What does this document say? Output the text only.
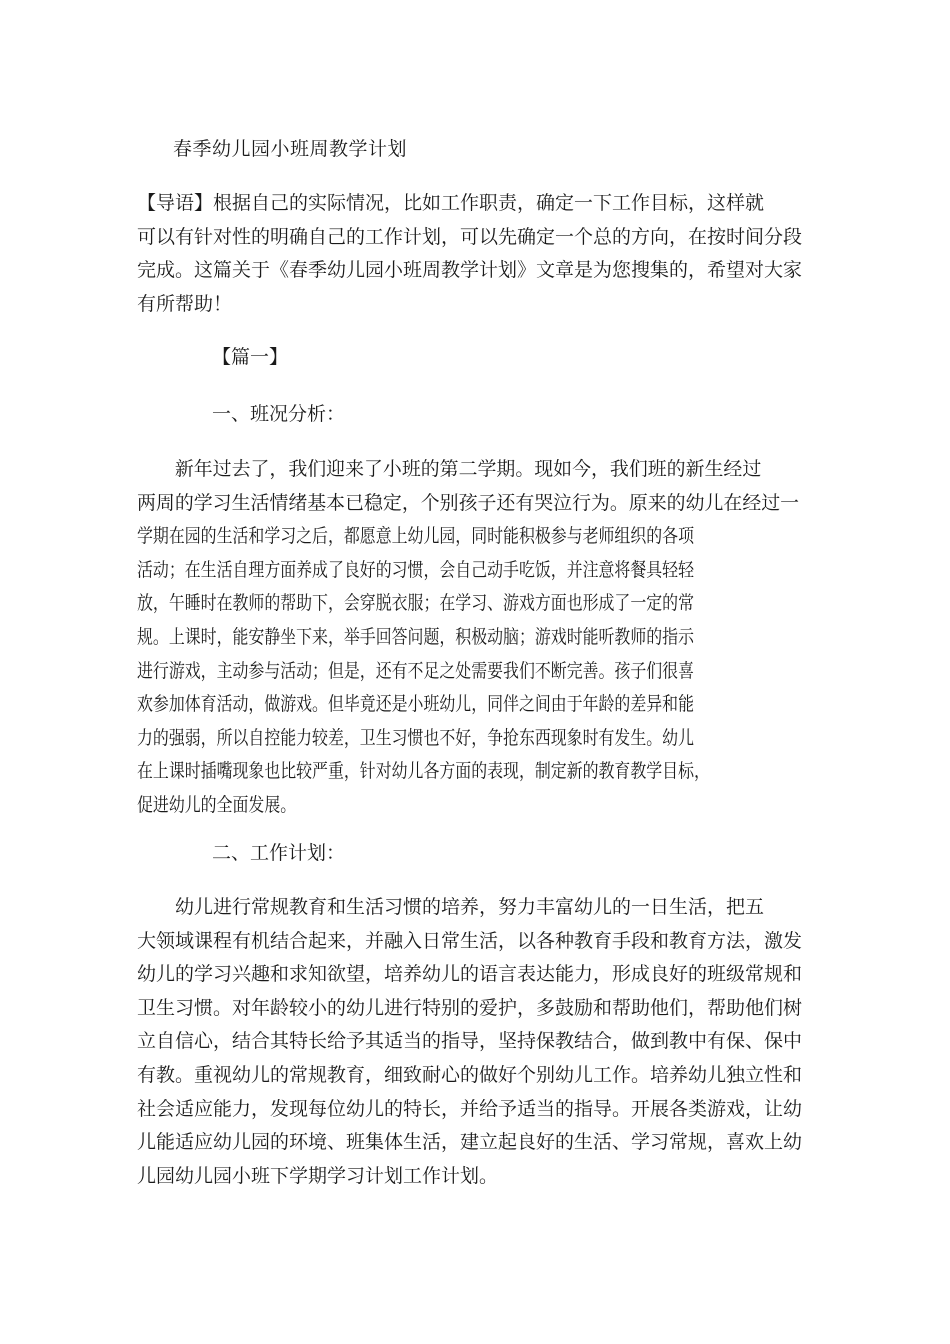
春季幼儿园小班周教学计划
【导语】根据自己的实际情况，比如工作职责，确定一下工作目标，这样就
可以有针对性的明确自己的工作计划，可以先确定一个总的方向，在按时间分段
完成。这篇关于《春季幼儿园小班周教学计划》文章是为您搜集的，希望对大家
有所帮助！
【篇一】
一、班况分析：
　　新年过去了，我们迎来了小班的第二学期。现如今，我们班的新生经过 两周的学习生活情绪基本已稳定，个别孩子还有哭泣行为。原来的幼儿在经过一 学期在园的生活和学习之后，都愿意上幼儿园，同时能积极参与老师组织的各项 活动；在生活自理方面养成了良好的习惯，会自己动手吃饭，并注意将餐具轻轻 放，午睡时在教师的帮助下，会穿脱衣服；在学习、游戏方面也形成了一定的常 规。上课时，能安静坐下来，举手回答问题，积极动脑；游戏时能听教师的指示 进行游戏，主动参与活动；但是，还有不足之处需要我们不断完善。孩子们很喜 欢参加体育活动，做游戏。但毕竟还是小班幼儿，同伴之间由于年龄的差异和能 力的强弱，所以自控能力较差，卫生习惯也不好，争抢东西现象时有发生。幼儿 在上课时插嘴现象也比较严重，针对幼儿各方面的表现，制定新的教育教学目标， 促进幼儿的全面发展。
二、工作计划：
　　幼儿进行常规教育和生活习惯的培养，努力丰富幼儿的一日生活，把五
大领域课程有机结合起来，并融入日常生活，以各种教育手段和教育方法，激发
幼儿的学习兴趣和求知欲望，培养幼儿的语言表达能力，形成良好的班级常规和
卫生习惯。对年龄较小的幼儿进行特别的爱护，多鼓励和帮助他们，帮助他们树
立自信心，结合其特长给予其适当的指导，坚持保教结合，做到教中有保、保中
有教。重视幼儿的常规教育，细致耐心的做好个别幼儿工作。培养幼儿独立性和
社会适应能力，发现每位幼儿的特长，并给予适当的指导。开展各类游戏，让幼
儿能适应幼儿园的环境、班集体生活，建立起良好的生活、学习常规，喜欢上幼
儿园幼儿园小班下学期学习计划工作计划。
